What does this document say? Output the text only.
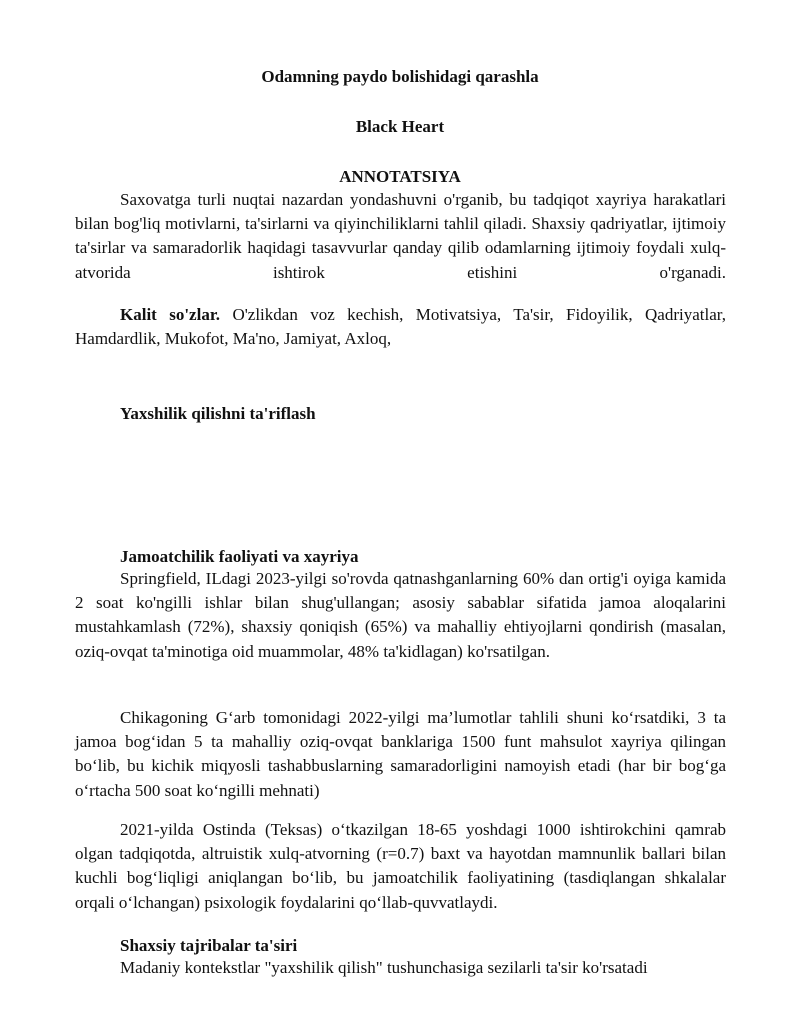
Odamning paydo bolishidagi qarashla
Black Heart
ANNOTATSIYA

Saxovatga turli nuqtai nazardan yondashuvni o'rganib, bu tadqiqot xayriya harakatlari bilan bog'liq motivlarni, ta'sirlarni va qiyinchiliklarni tahlil qiladi. Shaxsiy qadriyatlar, ijtimoiy ta'sirlar va samaradorlik haqidagi tasavvurlar qanday qilib odamlarning ijtimoiy foydali xulq-atvorida ishtirok etishini o'rganadi.

Kalit so'zlar. O'zlikdan voz kechish, Motivatsiya, Ta'sir, Fidoyilik, Qadriyatlar, Hamdardlik, Mukofot, Ma'no, Jamiyat, Axloq,

Yaxshilik qilishni ta'riflash

Jamoatchilik faoliyati va xayriya

Springfield, ILdagi 2023-yilgi so'rovda qatnashganlarning 60% dan ortig'i oyiga kamida 2 soat ko'ngilli ishlar bilan shug'ullangan; asosiy sabablar sifatida jamoa aloqalarini mustahkamlash (72%), shaxsiy qoniqish (65%) va mahalliy ehtiyojlarni qondirish (masalan, oziq-ovqat ta'minotiga oid muammolar, 48% ta'kidlagan) ko'rsatilgan.

Chikagoning G‘arb tomonidagi 2022-yilgi ma’lumotlar tahlili shuni ko‘rsatdiki, 3 ta jamoa bog‘idan 5 ta mahalliy oziq-ovqat banklariga 1500 funt mahsulot xayriya qilingan bo‘lib, bu kichik miqyosli tashabbuslarning samaradorligini namoyish etadi (har bir bog‘ga o‘rtacha 500 soat ko‘ngilli mehnati)

2021-yilda Ostinda (Teksas) o‘tkazilgan 18-65 yoshdagi 1000 ishtirokchini qamrab olgan tadqiqotda, altruistik xulq-atvorning (r=0.7) baxt va hayotdan mamnunlik ballari bilan kuchli bog‘liqligi aniqlangan bo‘lib, bu jamoatchilik faoliyatining (tasdiqlangan shkalalar orqali o‘lchangan) psixologik foydalarini qo‘llab-quvvatlaydi.

Shaxsiy tajribalar ta'siri

Madaniy kontekstlar "yaxshilik qilish" tushunchasiga sezilarli ta'sir ko'rsatadi
